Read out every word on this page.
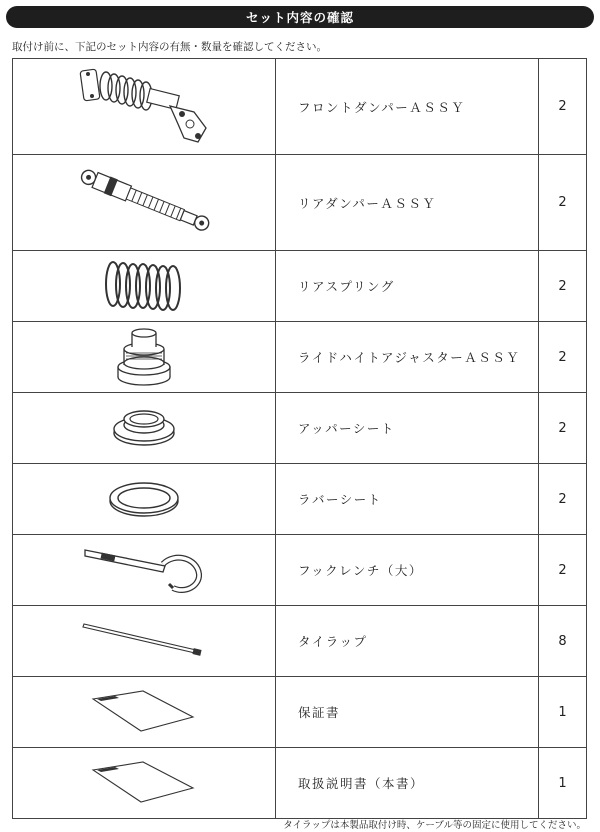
セット内容の確認
取付け前に、下記のセット内容の有無・数量を確認してください。
	フロントダンパーＡＳＳＹ	2

	リアダンパーＡＳＳＹ	2

	リアスプリング	2

	ライドハイトアジャスターＡＳＳＹ	2

	アッパーシート	2

	ラバーシート	2

	フックレンチ（大）	2

	タイラップ	8

	保証書	1

	取扱説明書（本書）	1
タイラップは本製品取付け時、ケーブル等の固定に使用してください。
